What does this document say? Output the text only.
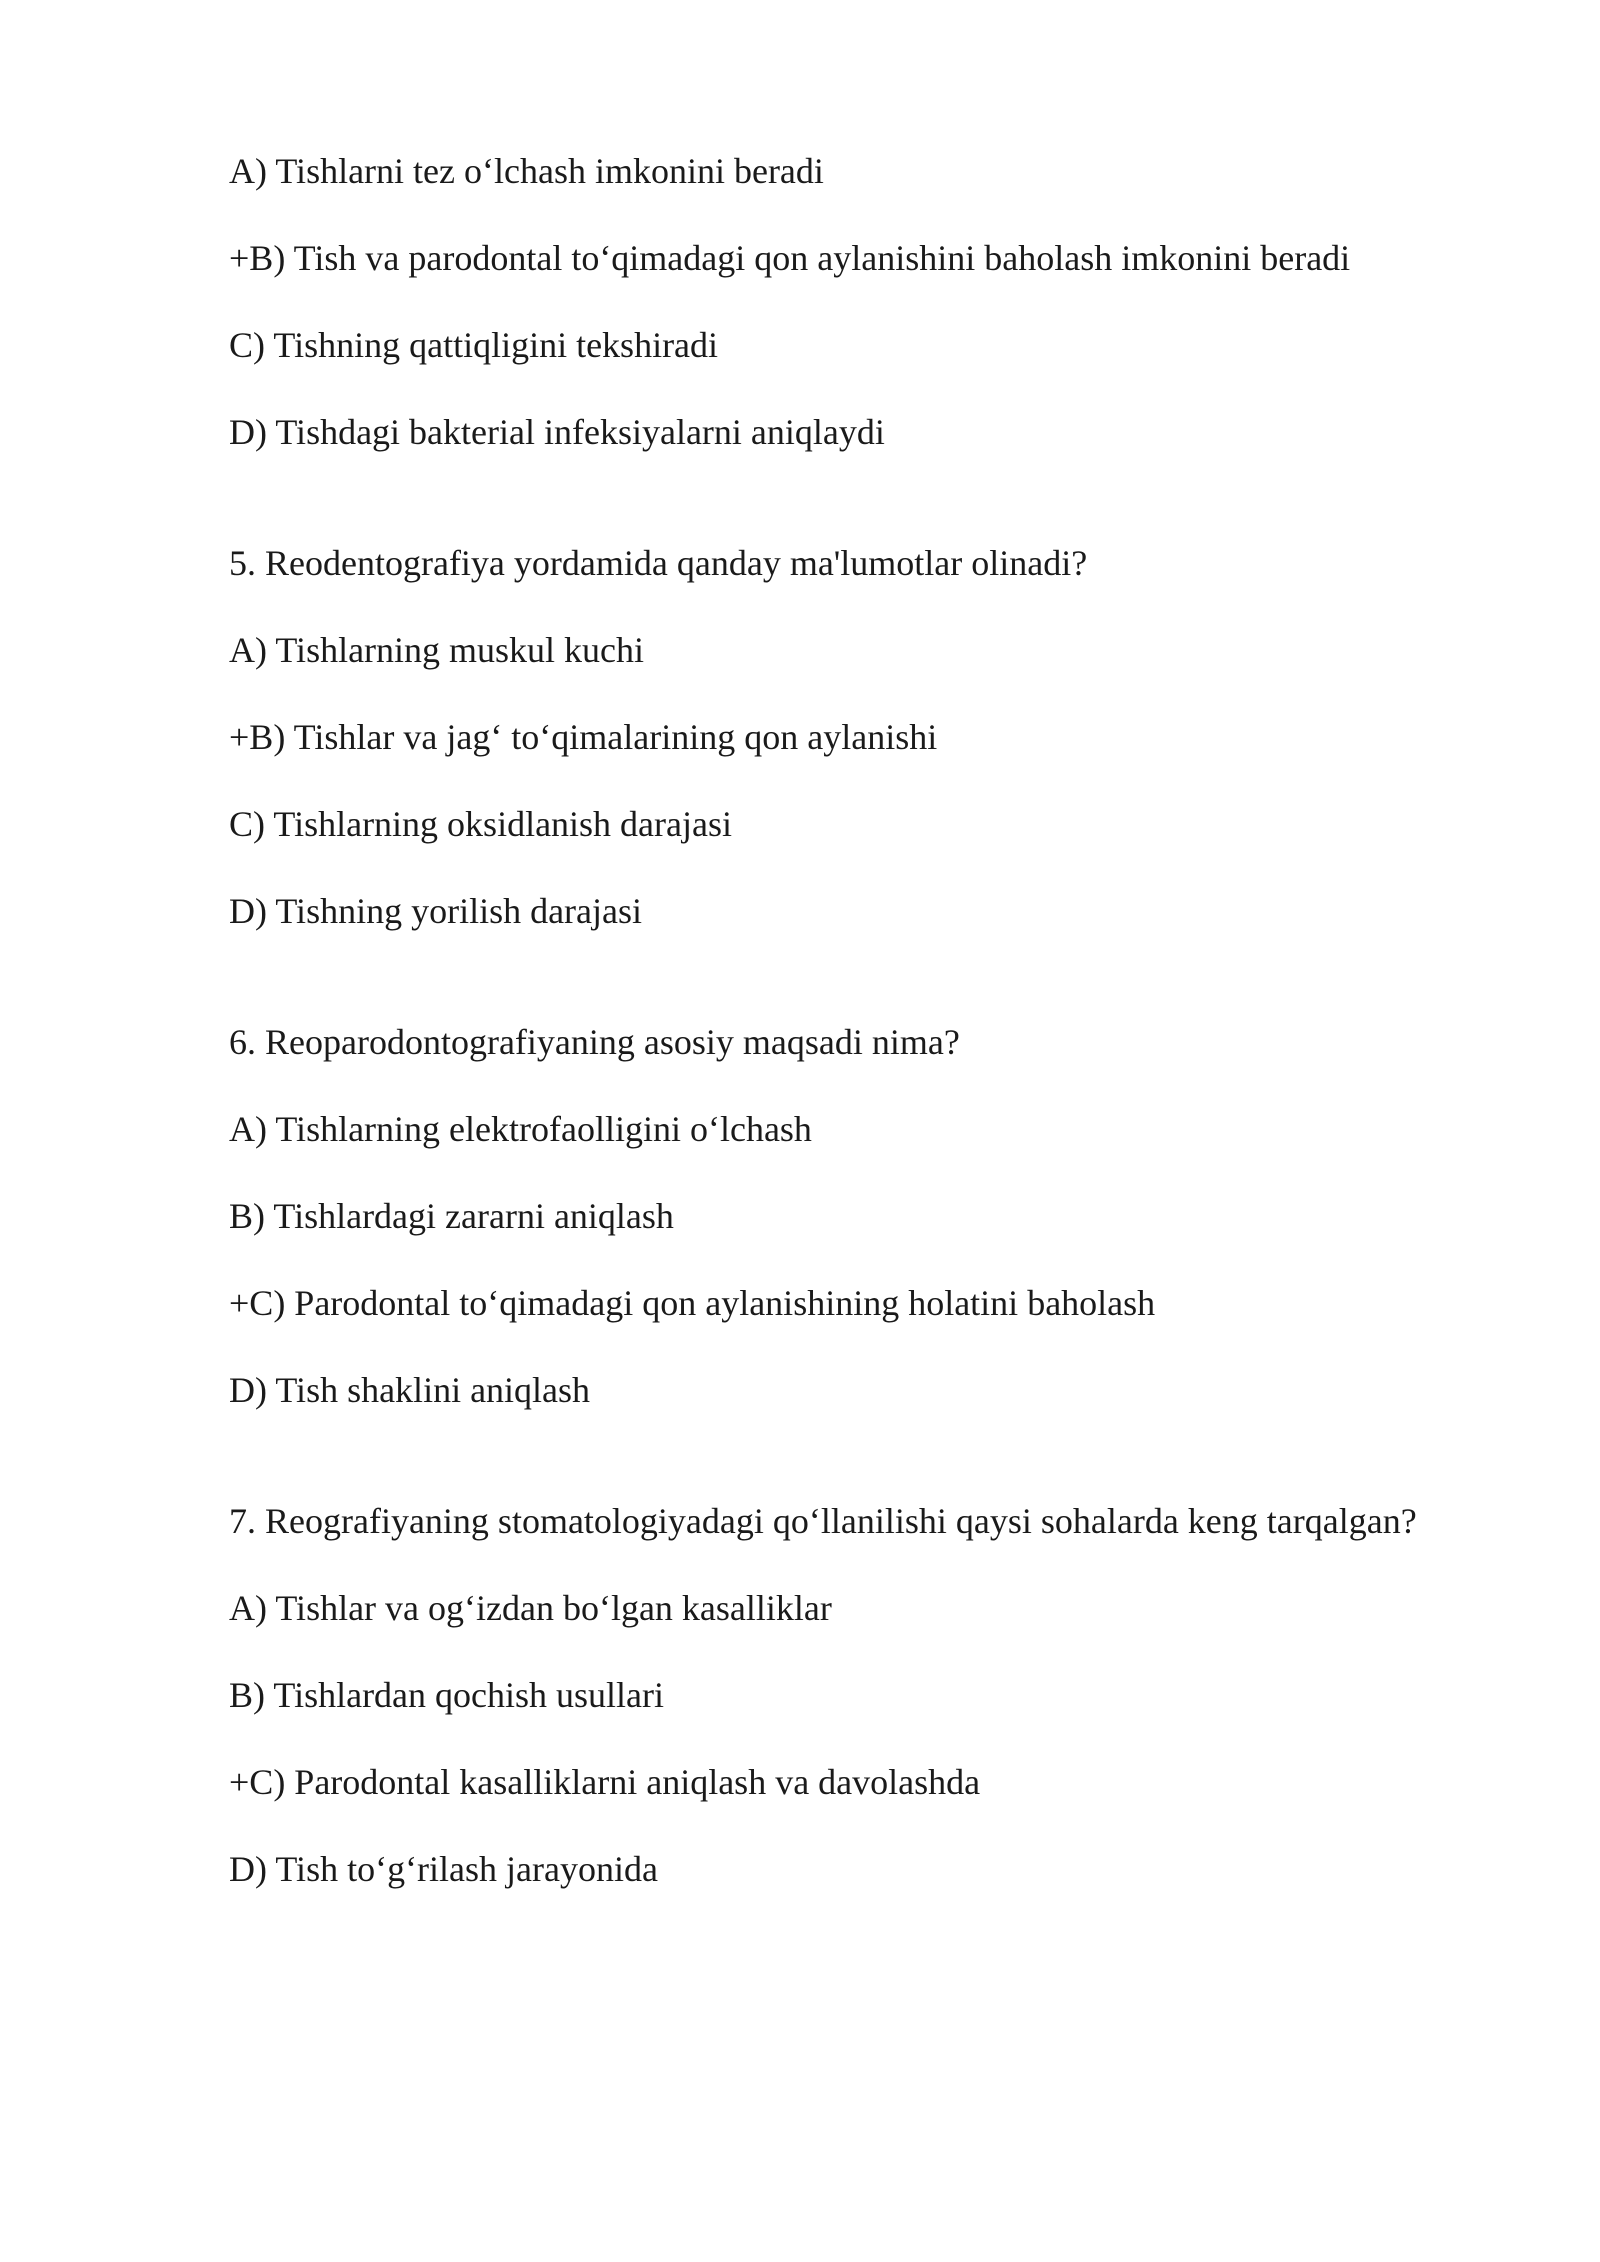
A) Tishlarni tez o‘lchash imkonini beradi
+B) Tish va parodontal to‘qimadagi qon aylanishini baholash imkonini beradi
C) Tishning qattiqligini tekshiradi
D) Tishdagi bakterial infeksiyalarni aniqlaydi
5. Reodentografiya yordamida qanday ma'lumotlar olinadi?
A) Tishlarning muskul kuchi
+B) Tishlar va jag‘ to‘qimalarining qon aylanishi
C) Tishlarning oksidlanish darajasi
D) Tishning yorilish darajasi
6. Reoparodontografiyaning asosiy maqsadi nima?
A) Tishlarning elektrofaolligini o‘lchash
B) Tishlardagi zararni aniqlash
+C) Parodontal to‘qimadagi qon aylanishining holatini baholash
D) Tish shaklini aniqlash
7. Reografiyaning stomatologiyadagi qo‘llanilishi qaysi sohalarda keng tarqalgan?
A) Tishlar va og‘izdan bo‘lgan kasalliklar
B) Tishlardan qochish usullari
+C) Parodontal kasalliklarni aniqlash va davolashda
D) Tish to‘g‘rilash jarayonida
